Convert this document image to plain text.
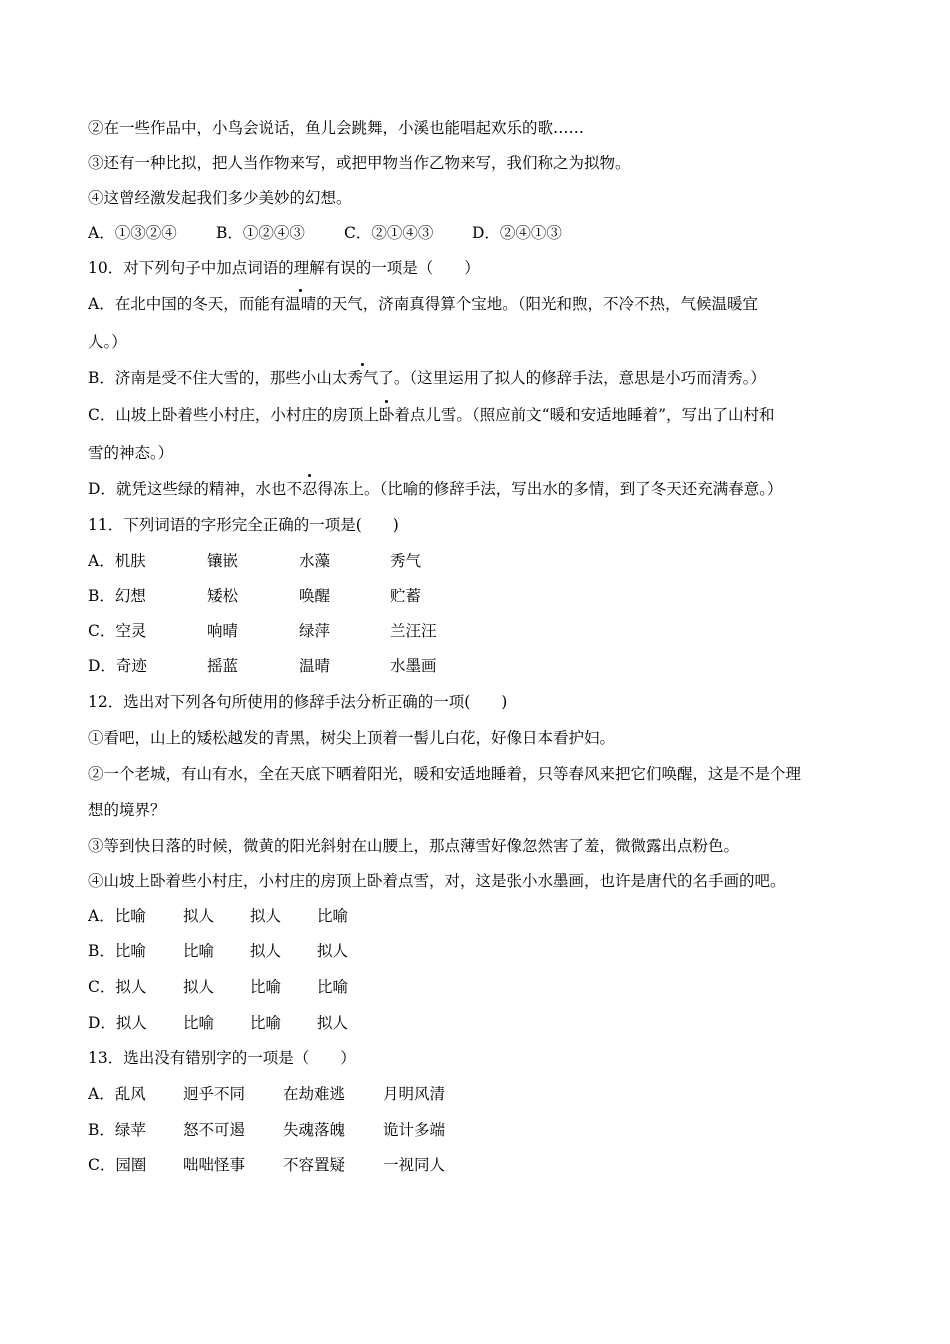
②在一些作品中，小鸟会说话，鱼儿会跳舞，小溪也能唱起欢乐的歌……
③还有一种比拟，把人当作物来写，或把甲物当作乙物来写，我们称之为拟物。
④这曾经激发起我们多少美妙的幻想。
A．①③②④	B．①②④③	C．②①④③ D．②④①③
10．对下列句子中加点词语的理解有误的一项是（　　）
A．在北中国的冬天，而能有温晴的天气，济南真得算个宝地。（阳光和煦，不冷不热，气候温暖宜
人。）
B．济南是受不住大雪的，那些小山太秀气了。（这里运用了拟人的修辞手法，意思是小巧而清秀。）
C．山坡上卧着些小村庄，小村庄的房顶上卧着点儿雪。（照应前文“暖和安适地睡着”，写出了山村和
雪的神态。）
D．就凭这些绿的精神，水也不忍得冻上。（比喻的修辞手法，写出水的多情，到了冬天还充满春意。）
11．下列词语的字形完全正确的一项是(　　)
A．机肤	镶嵌	水藻	秀气
B．幻想	矮松	唤醒	贮蓄
C．空灵	响晴	绿萍	兰汪汪
D．奇迹	摇蓝	温晴	水墨画
12．选出对下列各句所使用的修辞手法分析正确的一项(　　)
①看吧，山上的矮松越发的青黑，树尖上顶着一髻儿白花，好像日本看护妇。
②一个老城，有山有水，全在天底下晒着阳光，暖和安适地睡着，只等春风来把它们唤醒，这是不是个理
想的境界？
③等到快日落的时候，微黄的阳光斜射在山腰上，那点薄雪好像忽然害了羞，微微露出点粉色。
④山坡上卧着些小村庄，小村庄的房顶上卧着点雪，对，这是张小水墨画，也许是唐代的名手画的吧。
A．比喻 拟人 拟人 比喻
B．比喻 比喻 拟人 拟人
C．拟人 拟人 比喻 比喻
D．拟人 比喻 比喻 拟人
13．选出没有错别字的一项是（　　）
A．乱风 迥乎不同 在劫难逃 月明风清
B．绿苹 怒不可遏 失魂落魄 诡计多端
C．园圈 咄咄怪事 不容置疑 一视同人
